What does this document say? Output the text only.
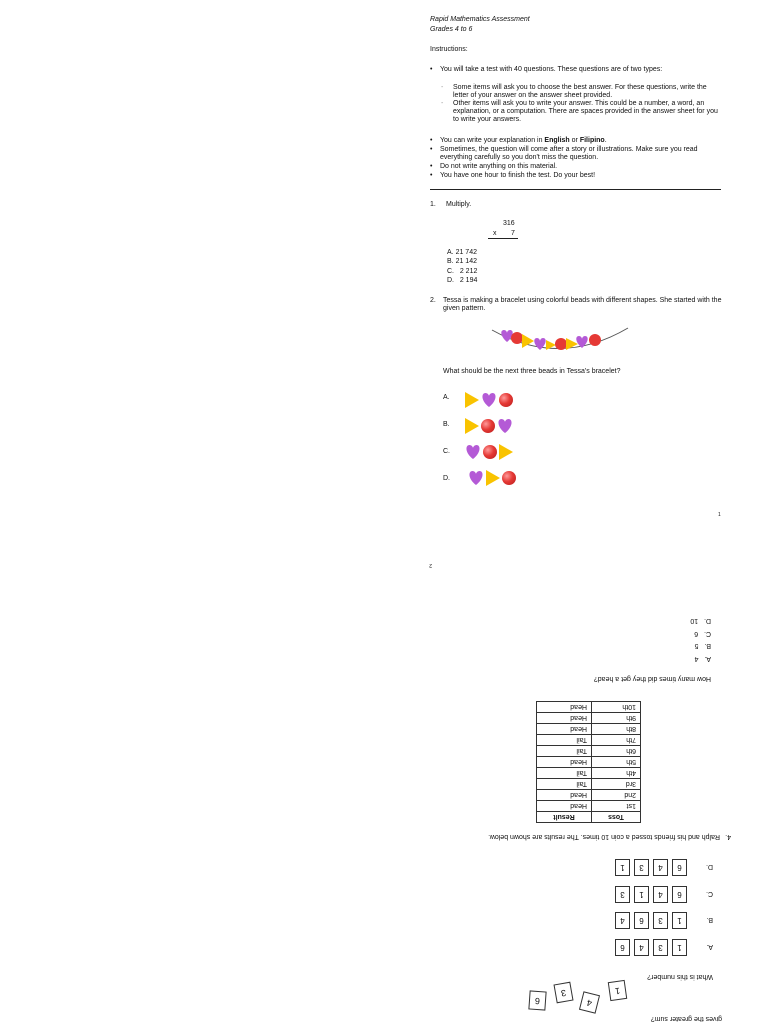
Rapid Mathematics Assessment
Grades 4 to 6
Instructions:
• You will take a test with 40 questions. These questions are of two types:
- Some items will ask you to choose the best answer. For these questions, write the letter of your answer on the answer sheet provided.
- Other items will ask you to write your answer. This could be a number, a word, an explanation, or a computation. There are spaces provided in the answer sheet for you to write your answers.
• You can write your explanation in English or Filipino.
• Sometimes, the question will come after a story or illustrations. Make sure you read everything carefully so you don't miss the question.
• Do not write anything on this material.
• You have one hour to finish the test. Do your best!
1. Multiply.
316
x 7
A. 21 742
B. 21 142
C. 2 212
D. 2 194
2. Tessa is making a bracelet using colorful beads with different shapes. She started with the given pattern.
What should be the next three beads in Tessa's bracelet?
A.
B.
C.
D.
1
gives the greater sum?
1
4
3
6
What is this number?
A.1346
B.1364
C.6413
D.6431
4.
Ralph and his friends tossed a coin 10 times. The results are shown below.
Toss	Result
1st	Head
2nd	Head
3rd	Tail
4th	Tail
5th	Head
6th	Tail
7th	Tail
8th	Head
9th	Head
10th	Head
How many times did they get a head?
A.   4
B.   5
C.   6
D.   10
2
